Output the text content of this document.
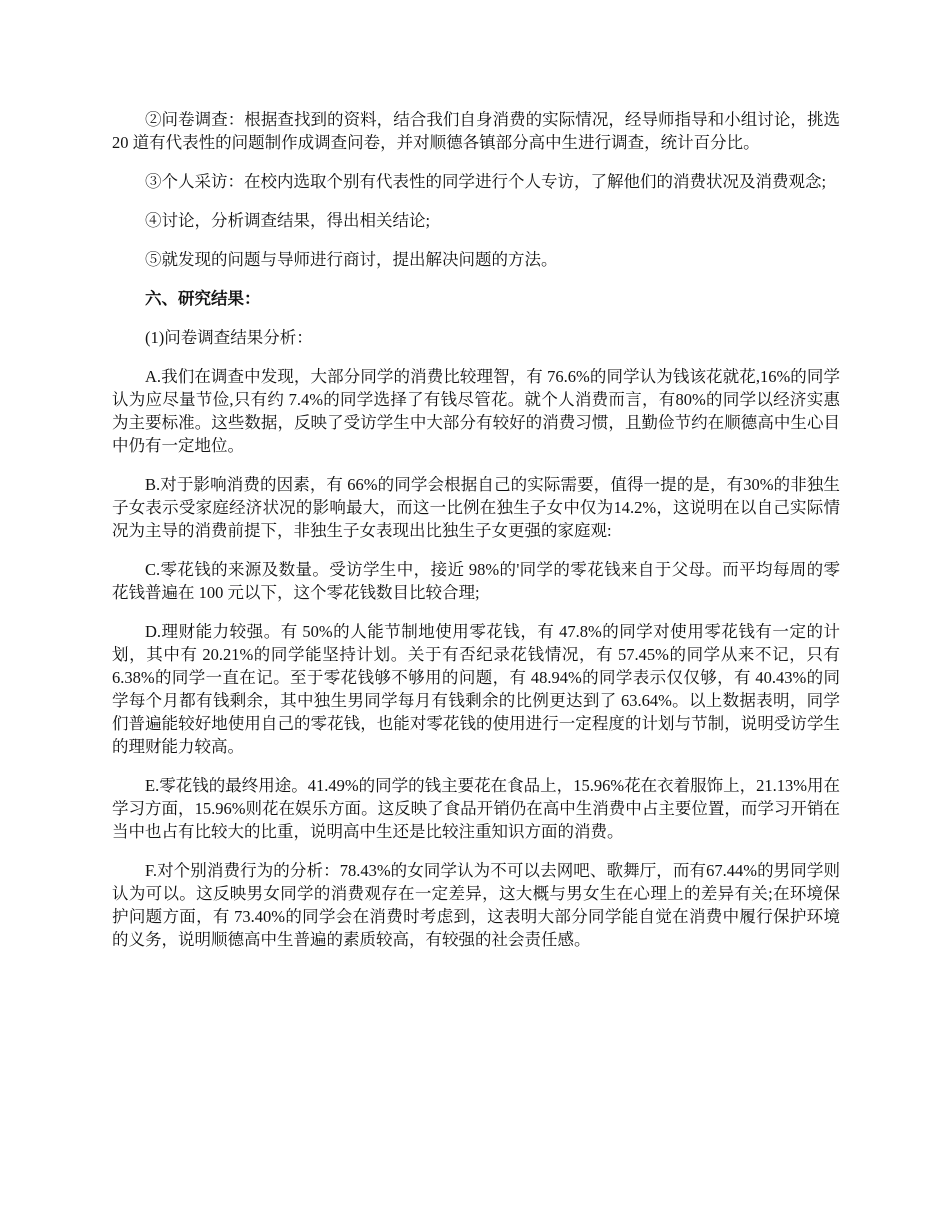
②问卷调查：根据查找到的资料，结合我们自身消费的实际情况，经导师指导和小组讨论，挑选 20 道有代表性的问题制作成调查问卷，并对顺德各镇部分高中生进行调查，统计百分比。

③个人采访：在校内选取个别有代表性的同学进行个人专访，了解他们的消费状况及消费观念;

④讨论，分析调查结果，得出相关结论;

⑤就发现的问题与导师进行商讨，提出解决问题的方法。

六、研究结果：

(1)问卷调查结果分析：

A.我们在调查中发现，大部分同学的消费比较理智，有 76.6%的同学认为钱该花就花,16%的同学认为应尽量节俭,只有约 7.4%的同学选择了有钱尽管花。就个人消费而言，有80%的同学以经济实惠为主要标准。这些数据，反映了受访学生中大部分有较好的消费习惯，且勤俭节约在顺德高中生心目中仍有一定地位。

B.对于影响消费的因素，有 66%的同学会根据自己的实际需要，值得一提的是，有30%的非独生子女表示受家庭经济状况的影响最大，而这一比例在独生子女中仅为14.2%，这说明在以自己实际情况为主导的消费前提下，非独生子女表现出比独生子女更强的家庭观:

C.零花钱的来源及数量。受访学生中，接近 98%的'同学的零花钱来自于父母。而平均每周的零花钱普遍在 100 元以下，这个零花钱数目比较合理;

D.理财能力较强。有 50%的人能节制地使用零花钱，有 47.8%的同学对使用零花钱有一定的计划，其中有 20.21%的同学能坚持计划。关于有否纪录花钱情况，有 57.45%的同学从来不记，只有 6.38%的同学一直在记。至于零花钱够不够用的问题，有 48.94%的同学表示仅仅够，有 40.43%的同学每个月都有钱剩余，其中独生男同学每月有钱剩余的比例更达到了 63.64%。以上数据表明，同学们普遍能较好地使用自己的零花钱，也能对零花钱的使用进行一定程度的计划与节制，说明受访学生的理财能力较高。

E.零花钱的最终用途。41.49%的同学的钱主要花在食品上，15.96%花在衣着服饰上，21.13%用在学习方面，15.96%则花在娱乐方面。这反映了食品开销仍在高中生消费中占主要位置，而学习开销在当中也占有比较大的比重，说明高中生还是比较注重知识方面的消费。

F.对个别消费行为的分析：78.43%的女同学认为不可以去网吧、歌舞厅，而有67.44%的男同学则认为可以。这反映男女同学的消费观存在一定差异，这大概与男女生在心理上的差异有关;在环境保护问题方面，有 73.40%的同学会在消费时考虑到，这表明大部分同学能自觉在消费中履行保护环境的义务，说明顺德高中生普遍的素质较高，有较强的社会责任感。
